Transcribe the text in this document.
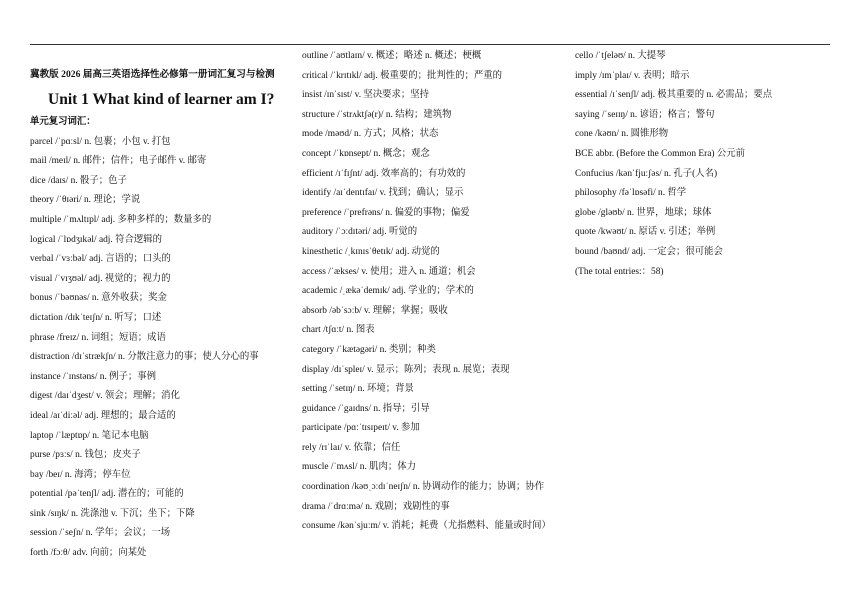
冀教版 2026 届高三英语选择性必修第一册词汇复习与检测
Unit 1 What kind of learner am I?
单元复习词汇：
parcel /ˈpɑːsl/ n. 包裹；小包 v. 打包
mail /meɪl/ n. 邮件；信件；电子邮件 v. 邮寄
dice /daɪs/ n. 骰子；色子
theory /ˈθɪəri/ n. 理论；学说
multiple /ˈmʌltɪpl/ adj. 多种多样的；数量多的
logical /ˈlɒdʒɪkəl/ adj. 符合逻辑的
verbal /ˈvɜːbəl/ adj. 言语的；口头的
visual /ˈvɪʒʊəl/ adj. 视觉的；视力的
bonus /ˈbəʊnəs/ n. 意外收获；奖金
dictation /dɪkˈteɪʃn/ n. 听写；口述
phrase /freɪz/ n. 词组；短语；成语
distraction /dɪˈstrækʃn/ n. 分散注意力的事；使人分心的事
instance /ˈɪnstəns/ n. 例子；事例
digest /daɪˈdʒest/ v. 领会；理解；消化
ideal /aɪˈdiːəl/ adj. 理想的；最合适的
laptop /ˈlæptɒp/ n. 笔记本电脑
purse /pɜːs/ n. 钱包；皮夹子
bay /beɪ/ n. 海湾；停车位
potential /pəˈtenʃl/ adj. 潜在的；可能的
sink /sɪŋk/ n. 洗涤池 v. 下沉；坐下；下降
session /ˈseʃn/ n. 学年；会议；一场
forth /fɔːθ/ adv. 向前；向某处
outline /ˈaʊtlaɪn/ v. 概述；略述 n. 概述；梗概
critical /ˈkrɪtɪkl/ adj. 极重要的；批判性的；严重的
insist /ɪnˈsɪst/ v. 坚决要求；坚持
structure /ˈstrʌktʃə(r)/ n. 结构；建筑物
mode /məʊd/ n. 方式；风格；状态
concept /ˈkɒnsept/ n. 概念；观念
efficient /ɪˈfɪʃnt/ adj. 效率高的；有功效的
identify /aɪˈdentɪfaɪ/ v. 找到；确认；显示
preference /ˈprefrəns/ n. 偏爱的事物；偏爱
auditory /ˈɔːdɪtəri/ adj. 听觉的
kinesthetic /ˌkɪnɪsˈθetɪk/ adj. 动觉的
access /ˈækses/ v. 使用；进入 n. 通道；机会
academic /ˌækəˈdemɪk/ adj. 学业的；学术的
absorb /əbˈsɔːb/ v. 理解；掌握；吸收
chart /tʃɑːt/ n. 图表
category /ˈkætəgəri/ n. 类别；种类
display /dɪˈspleɪ/ v. 显示；陈列；表现 n. 展览；表现
setting /ˈsetɪŋ/ n. 环境；背景
guidance /ˈgaɪdns/ n. 指导；引导
participate /pɑːˈtɪsɪpeɪt/ v. 参加
rely /rɪˈlaɪ/ v. 依靠；信任
muscle /ˈmʌsl/ n. 肌肉；体力
coordination /kəʊˌɔːdɪˈneɪʃn/ n. 协调动作的能力；协调；协作
drama /ˈdrɑːmə/ n. 戏剧；戏剧性的事
consume /kənˈsjuːm/ v. 消耗；耗费（尤指燃料、能量或时间）
cello /ˈtʃeləʊ/ n. 大提琴
imply /ɪmˈplaɪ/ v. 表明；暗示
essential /ɪˈsenʃl/ adj. 极其重要的 n. 必需品；要点
saying /ˈseɪɪŋ/ n. 谚语；格言；警句
cone /kəʊn/ n. 圆锥形物
BCE abbr. (Before the Common Era) 公元前
Confucius /kənˈfjuːʃəs/ n. 孔子(人名)
philosophy /fəˈlɒsəfi/ n. 哲学
globe /gləʊb/ n. 世界，地球；球体
quote /kwəʊt/ n. 原话 v. 引述；举例
bound /baʊnd/ adj. 一定会；很可能会
(The total entries:：58)
